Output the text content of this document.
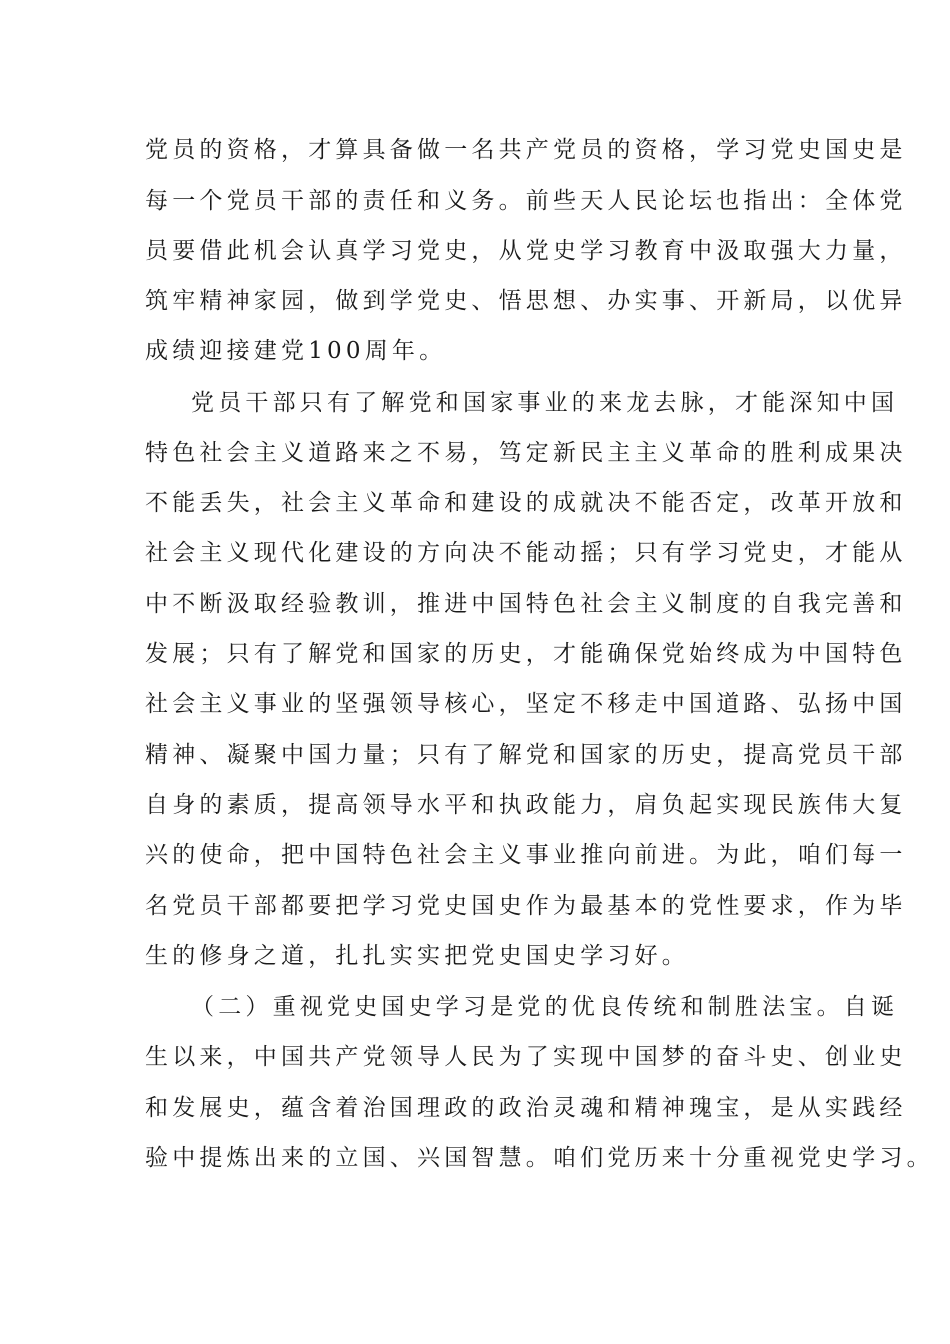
党员的资格，才算具备做一名共产党员的资格，学习党史国史是

每一个党员干部的责任和义务。前些天人民论坛也指出：全体党

员要借此机会认真学习党史，从党史学习教育中汲取强大力量，

筑牢精神家园，做到学党史、悟思想、办实事、开新局，以优异

成绩迎接建党100周年。

党员干部只有了解党和国家事业的来龙去脉，才能深知中国

特色社会主义道路来之不易，笃定新民主主义革命的胜利成果决

不能丢失，社会主义革命和建设的成就决不能否定，改革开放和

社会主义现代化建设的方向决不能动摇；只有学习党史，才能从

中不断汲取经验教训，推进中国特色社会主义制度的自我完善和

发展；只有了解党和国家的历史，才能确保党始终成为中国特色

社会主义事业的坚强领导核心，坚定不移走中国道路、弘扬中国

精神、凝聚中国力量；只有了解党和国家的历史，提高党员干部

自身的素质，提高领导水平和执政能力，肩负起实现民族伟大复

兴的使命，把中国特色社会主义事业推向前进。为此，咱们每一

名党员干部都要把学习党史国史作为最基本的党性要求，作为毕

生的修身之道，扎扎实实把党史国史学习好。

（二）重视党史国史学习是党的优良传统和制胜法宝。自诞

生以来，中国共产党领导人民为了实现中国梦的奋斗史、创业史

和发展史，蕴含着治国理政的政治灵魂和精神瑰宝，是从实践经

验中提炼出来的立国、兴国智慧。咱们党历来十分重视党史学习。
